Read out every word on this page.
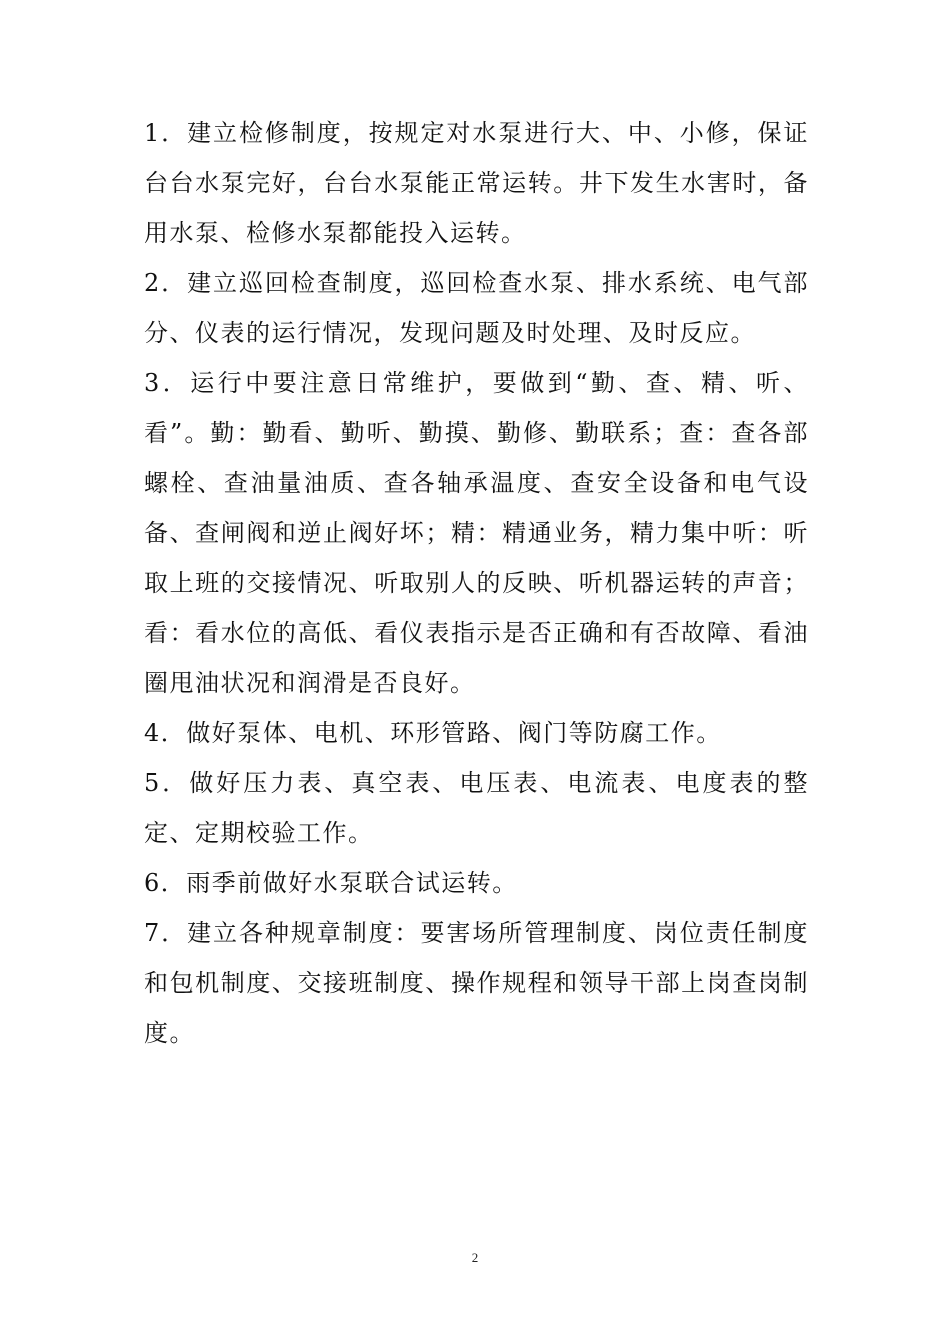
1．建立检修制度，按规定对水泵进行大、中、小修，保证台台水泵完好，台台水泵能正常运转。井下发生水害时，备用水泵、检修水泵都能投入运转。

2．建立巡回检查制度，巡回检查水泵、排水系统、电气部分、仪表的运行情况，发现问题及时处理、及时反应。

3．运行中要注意日常维护，要做到“勤、查、精、听、看”。勤：勤看、勤听、勤摸、勤修、勤联系；查：查各部螺栓、查油量油质、查各轴承温度、查安全设备和电气设备、查闸阀和逆止阀好坏；精：精通业务，精力集中听：听取上班的交接情况、听取别人的反映、听机器运转的声音；看：看水位的高低、看仪表指示是否正确和有否故障、看油圈甩油状况和润滑是否良好。

4．做好泵体、电机、环形管路、阀门等防腐工作。

5．做好压力表、真空表、电压表、电流表、电度表的整定、定期校验工作。

6．雨季前做好水泵联合试运转。

7．建立各种规章制度：要害场所管理制度、岗位责任制度和包机制度、交接班制度、操作规程和领导干部上岗查岗制度。

2
